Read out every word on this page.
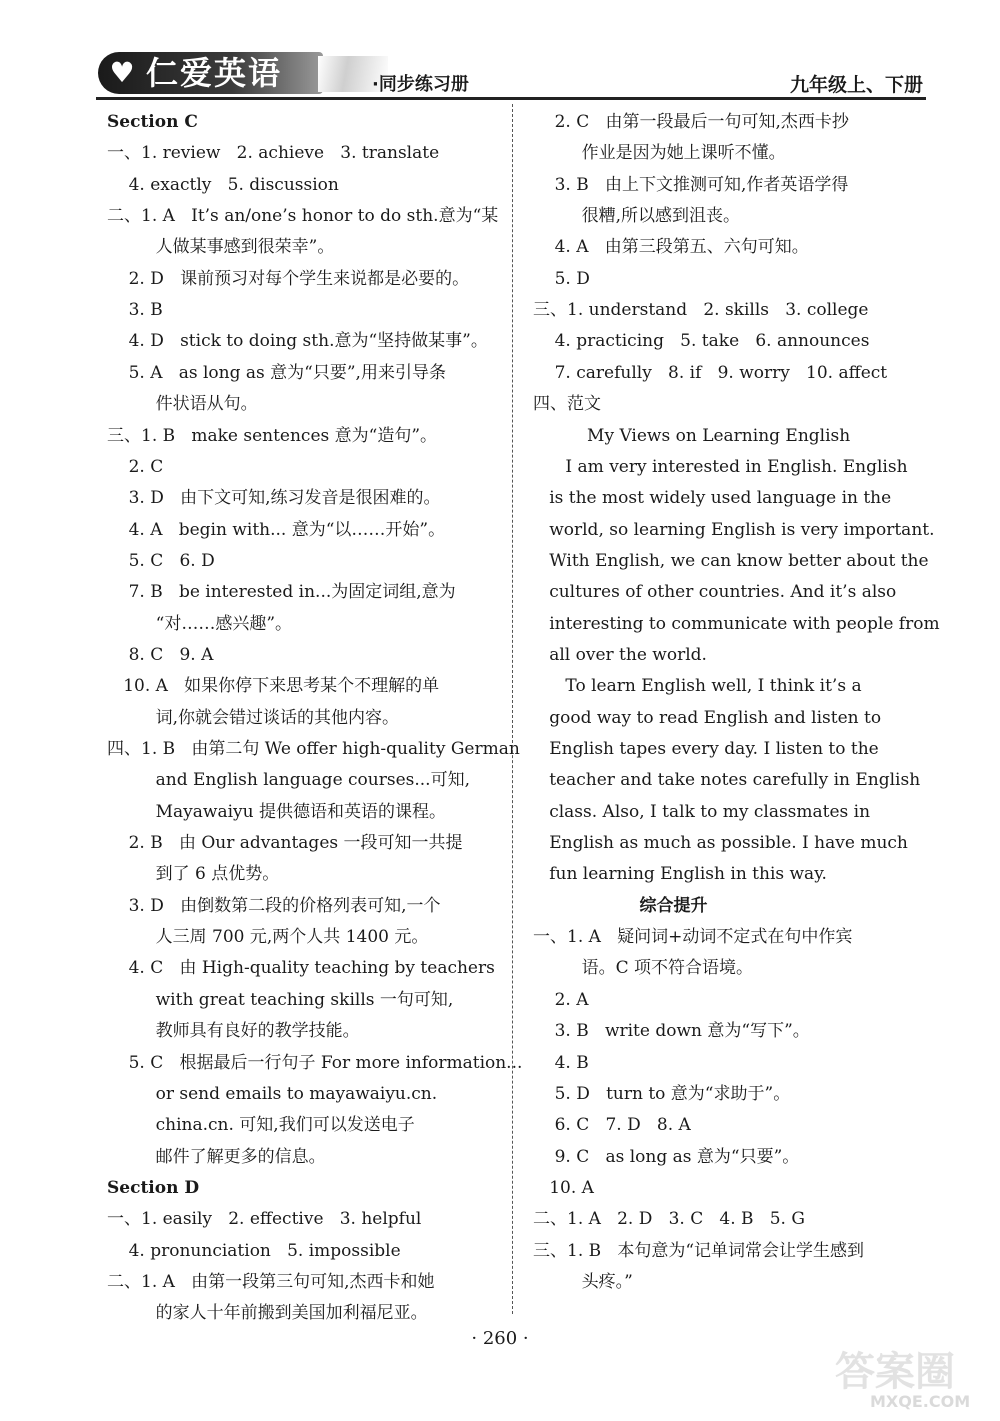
♥ 仁爱英语	·同步练习册	九年级上、下册
Section C
一、1. review   2. achieve   3. translate
4. exactly   5. discussion
二、1. A   It’s an/one’s honor to do sth.意为“某
人做某事感到很荣幸”。
2. D   课前预习对每个学生来说都是必要的。
3. B
4. D   stick to doing sth.意为“坚持做某事”。
5. A   as long as 意为“只要”,用来引导条
件状语从句。
三、1. B   make sentences 意为“造句”。
2. C
3. D   由下文可知,练习发音是很困难的。
4. A   begin with... 意为“以……开始”。
5. C   6. D
7. B   be interested in...为固定词组,意为
“对……感兴趣”。
8. C   9. A
10. A   如果你停下来思考某个不理解的单
词,你就会错过谈话的其他内容。
四、1. B   由第二句 We offer high-quality German
and English language courses...可知,
Mayawaiyu 提供德语和英语的课程。
2. B   由 Our advantages 一段可知一共提
到了 6 点优势。
3. D   由倒数第二段的价格列表可知,一个
人三周 700 元,两个人共 1400 元。
4. C   由 High-quality teaching by teachers
with great teaching skills 一句可知,
教师具有良好的教学技能。
5. C   根据最后一行句子 For more information...
or send emails to mayawaiyu.cn.
china.cn. 可知,我们可以发送电子
邮件了解更多的信息。
Section D
一、1. easily   2. effective   3. helpful
4. pronunciation   5. impossible
二、1. A   由第一段第三句可知,杰西卡和她
的家人十年前搬到美国加利福尼亚。
2. C   由第一段最后一句可知,杰西卡抄
作业是因为她上课听不懂。
3. B   由上下文推测可知,作者英语学得
很糟,所以感到沮丧。
4. A   由第三段第五、六句可知。
5. D
三、1. understand   2. skills   3. college
4. practicing   5. take   6. announces
7. carefully   8. if   9. worry   10. affect
四、范文
My Views on Learning English
I am very interested in English. English
is the most widely used language in the
world, so learning English is very important.
With English, we can know better about the
cultures of other countries. And it’s also
interesting to communicate with people from
all over the world.
To learn English well, I think it’s a
good way to read English and listen to
English tapes every day. I listen to the
teacher and take notes carefully in English
class. Also, I talk to my classmates in
English as much as possible. I have much
fun learning English in this way.
综合提升
一、1. A   疑问词+动词不定式在句中作宾
语。C 项不符合语境。
2. A
3. B   write down 意为“写下”。
4. B
5. D   turn to 意为“求助于”。
6. C   7. D   8. A
9. C   as long as 意为“只要”。
10. A
二、1. A   2. D   3. C   4. B   5. G
三、1. B   本句意为“记单词常会让学生感到
头疼。”
· 260 ·
答案圈
MXQE.COM
